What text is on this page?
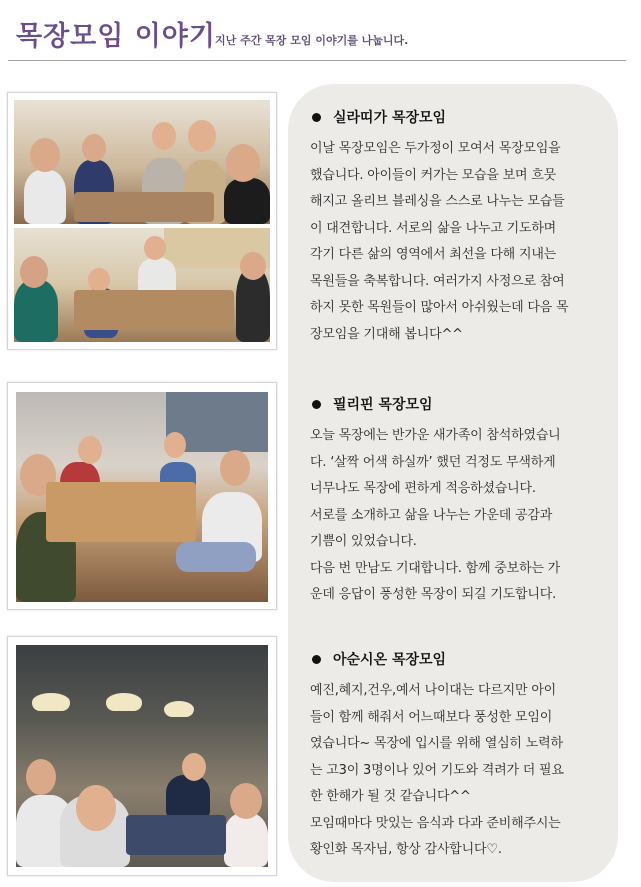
목장모임 이야기 지난 주간 목장 모임 이야기를 나눕니다.
실라띠가 목장모임
이날 목장모임은 두가정이 모여서 목장모임을
했습니다. 아이들이 커가는 모습을 보며 흐뭇
해지고 올리브 블레싱을 스스로 나누는 모습들
이 대견합니다. 서로의 삶을 나누고 기도하며
각기 다른 삶의 영역에서 최선을 다해 지내는
목원들을 축복합니다. 여러가지 사정으로 참여
하지 못한 목원들이 많아서 아쉬웠는데 다음 목
장모임을 기대해 봅니다^^
필리핀 목장모임
오늘 목장에는 반가운 새가족이 참석하였습니
다. ‘살짝 어색 하실까’ 했던 걱정도 무색하게
너무나도 목장에 편하게 적응하셨습니다.
서로를 소개하고 삶을 나누는 가운데 공감과
기쁨이 있었습니다.
다음 번 만남도 기대합니다. 함께 중보하는 가
운데 응답이 풍성한 목장이 되길 기도합니다.
아순시온 목장모임
예진,혜지,건우,예서 나이대는 다르지만 아이
들이 함께 해줘서 어느때보다 풍성한 모임이
였습니다~ 목장에 입시를 위해 열심히 노력하
는 고3이 3명이나 있어 기도와 격려가 더 필요
한 한해가 될 것 같습니다^^
모임때마다 맛있는 음식과 다과 준비해주시는
황인화 목자님, 항상 감사합니다♡.
